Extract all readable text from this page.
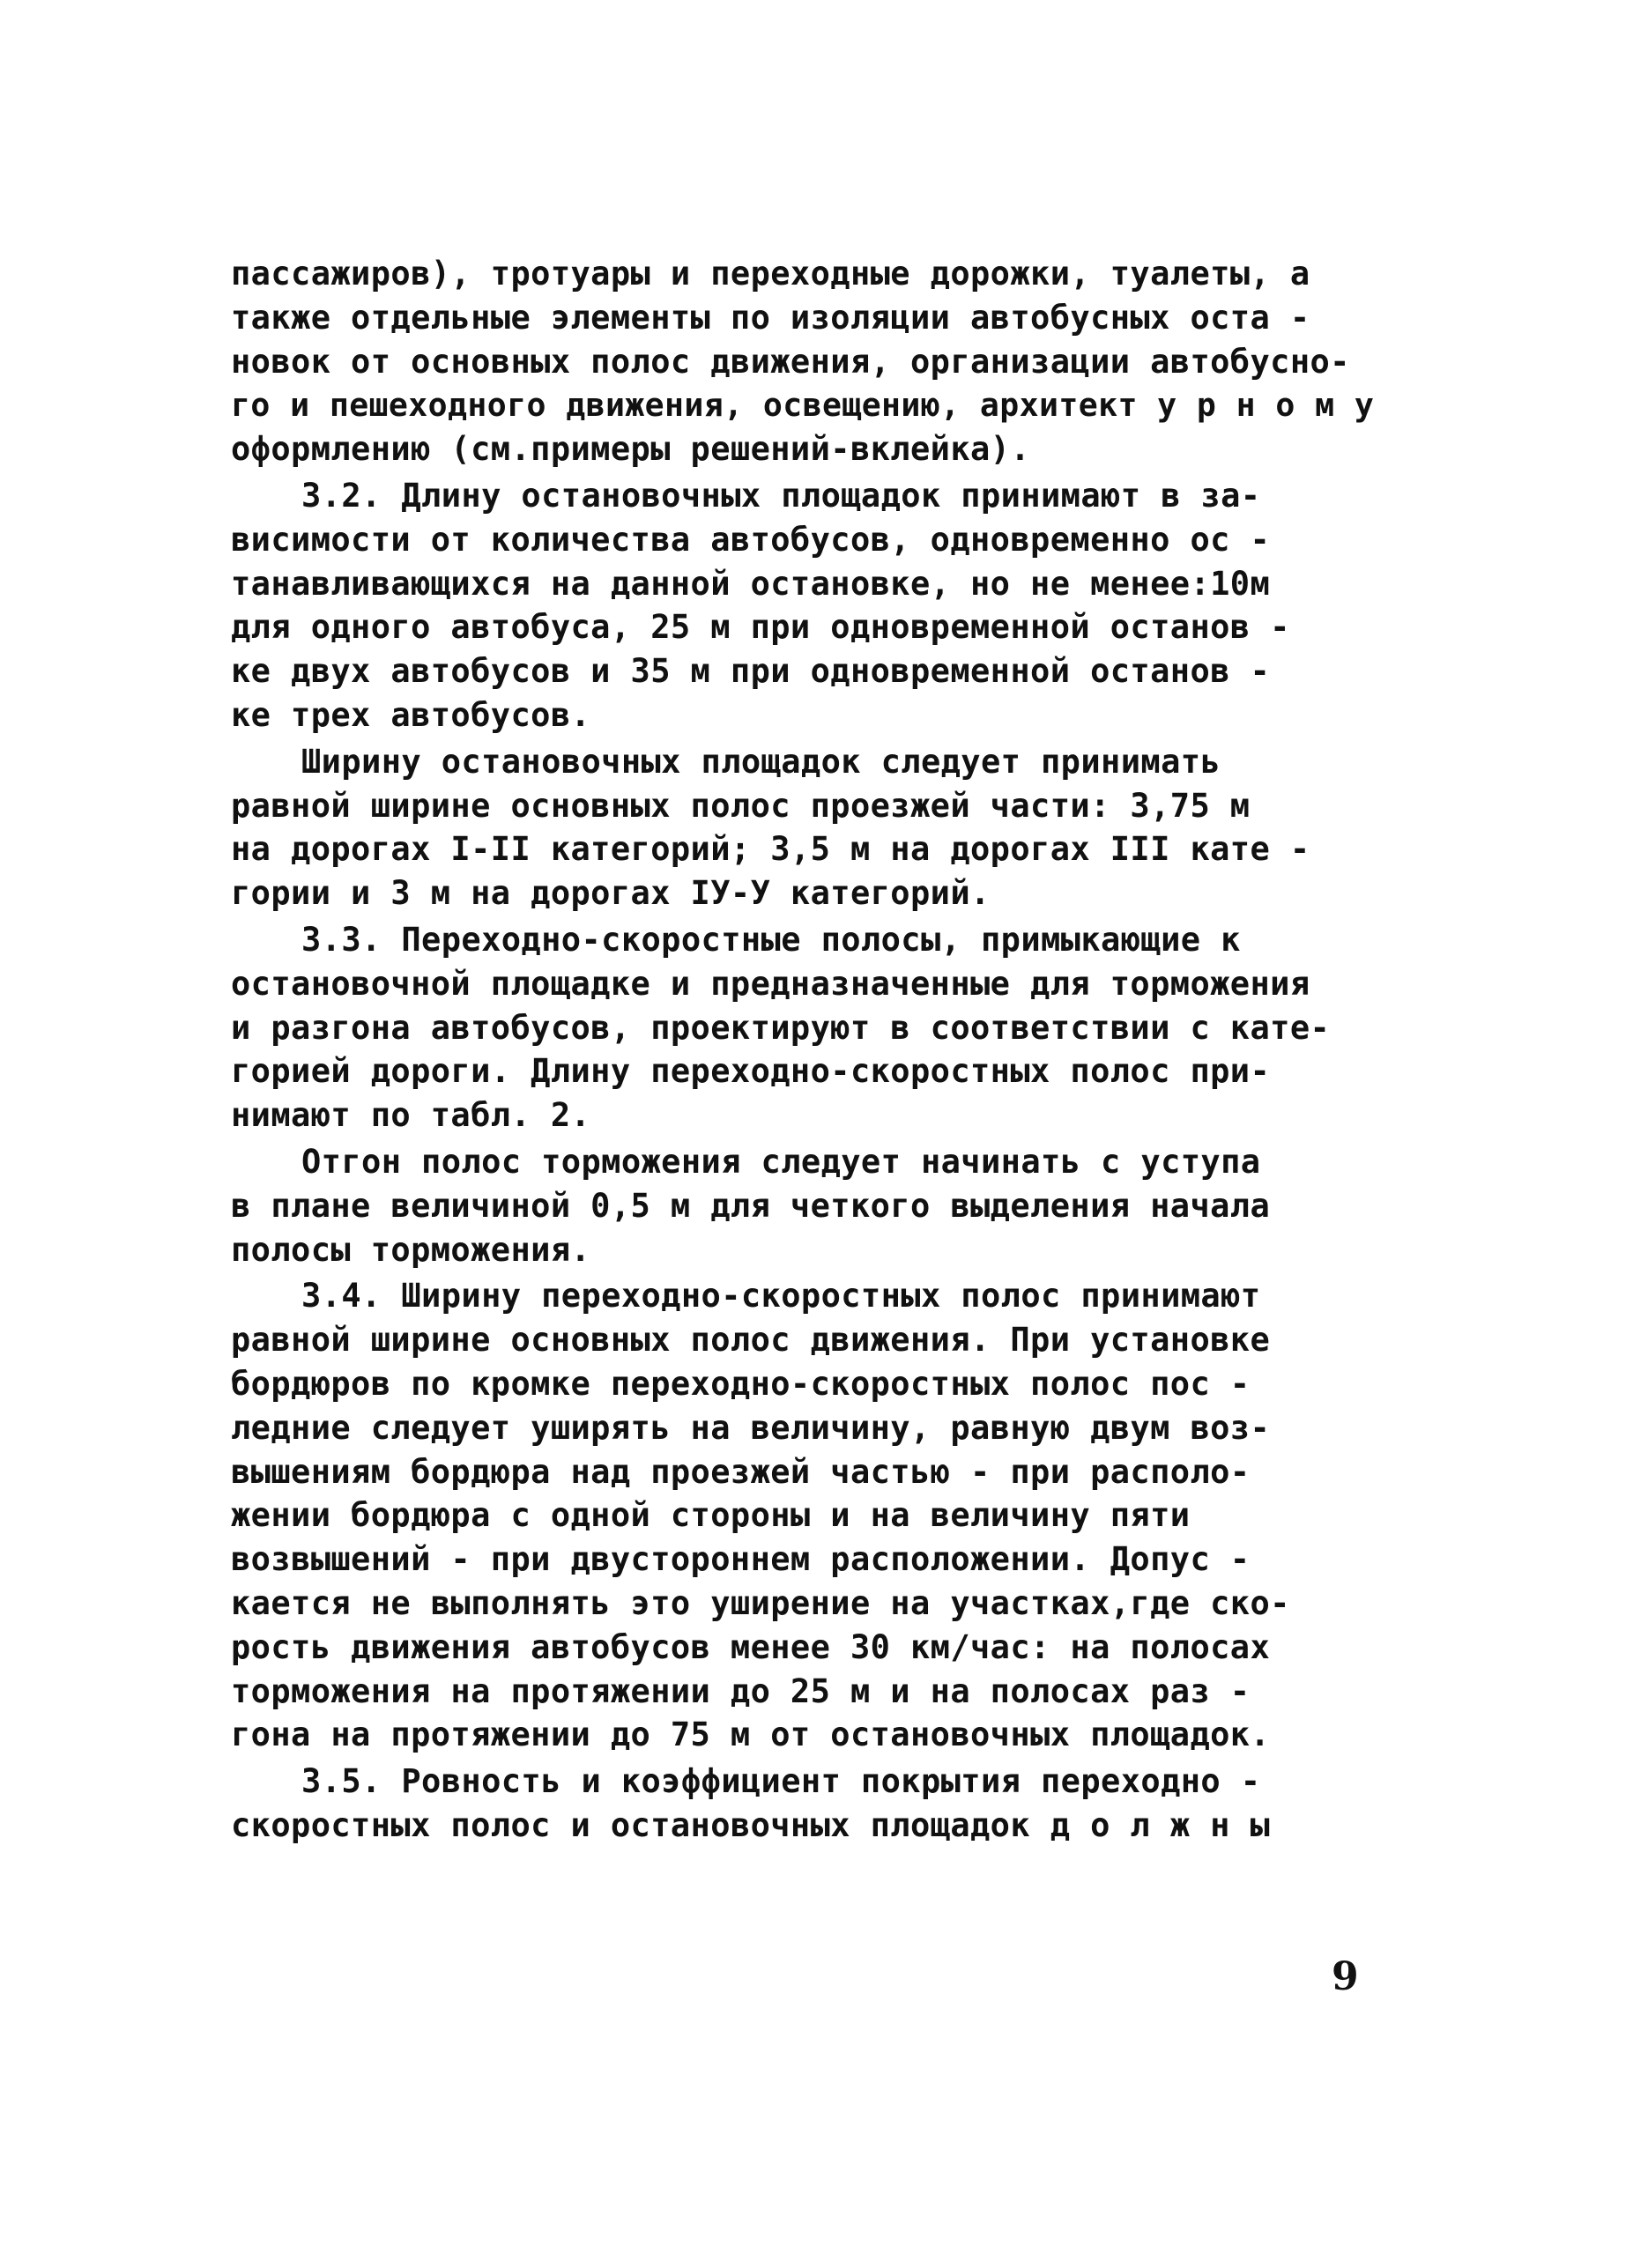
пассажиров), тротуары и переходные дорожки, туалеты, а
также отдельные элементы по изоляции автобусных оста -
новок от основных полос движения, организации автобусно-
го и пешеходного движения, освещению, архитект у р н о м у
оформлению (см.примеры решений-вклейка).
3.2. Длину остановочных площадок принимают в за-
висимости от количества автобусов, одновременно ос -
танавливающихся на данной остановке, но не менее:10м
для одного автобуса, 25 м при одновременной останов -
ке двух автобусов и 35 м при одновременной останов -
ке трех автобусов.
Ширину остановочных площадок следует принимать
равной ширине основных полос проезжей части: 3,75 м
на дорогах I-II категорий; 3,5 м на дорогах III кате -
гории и 3 м на дорогах IУ-У категорий.
3.3. Переходно-скоростные полосы, примыкающие к
остановочной площадке и предназначенные для торможения
и разгона автобусов, проектируют в соответствии с кате-
горией дороги. Длину переходно-скоростных полос при-
нимают по табл. 2.
Отгон полос торможения следует начинать с уступа
в плане величиной 0,5 м для четкого выделения начала
полосы торможения.
3.4. Ширину переходно-скоростных полос принимают
равной ширине основных полос движения. При установке
бордюров по кромке переходно-скоростных полос пос -
ледние следует уширять на величину, равную двум воз-
вышениям бордюра над проезжей частью - при располо-
жении бордюра с одной стороны и на величину пяти
возвышений - при двустороннем расположении. Допус -
кается не выполнять это уширение на участках,где ско-
рость движения автобусов менее 30 км/час: на полосах
торможения на протяжении до 25 м и на полосах раз -
гона на протяжении до 75 м от остановочных площадок.
3.5. Ровность и коэффициент покрытия переходно -
скоростных полос и остановочных площадок д о л ж н ы
9
